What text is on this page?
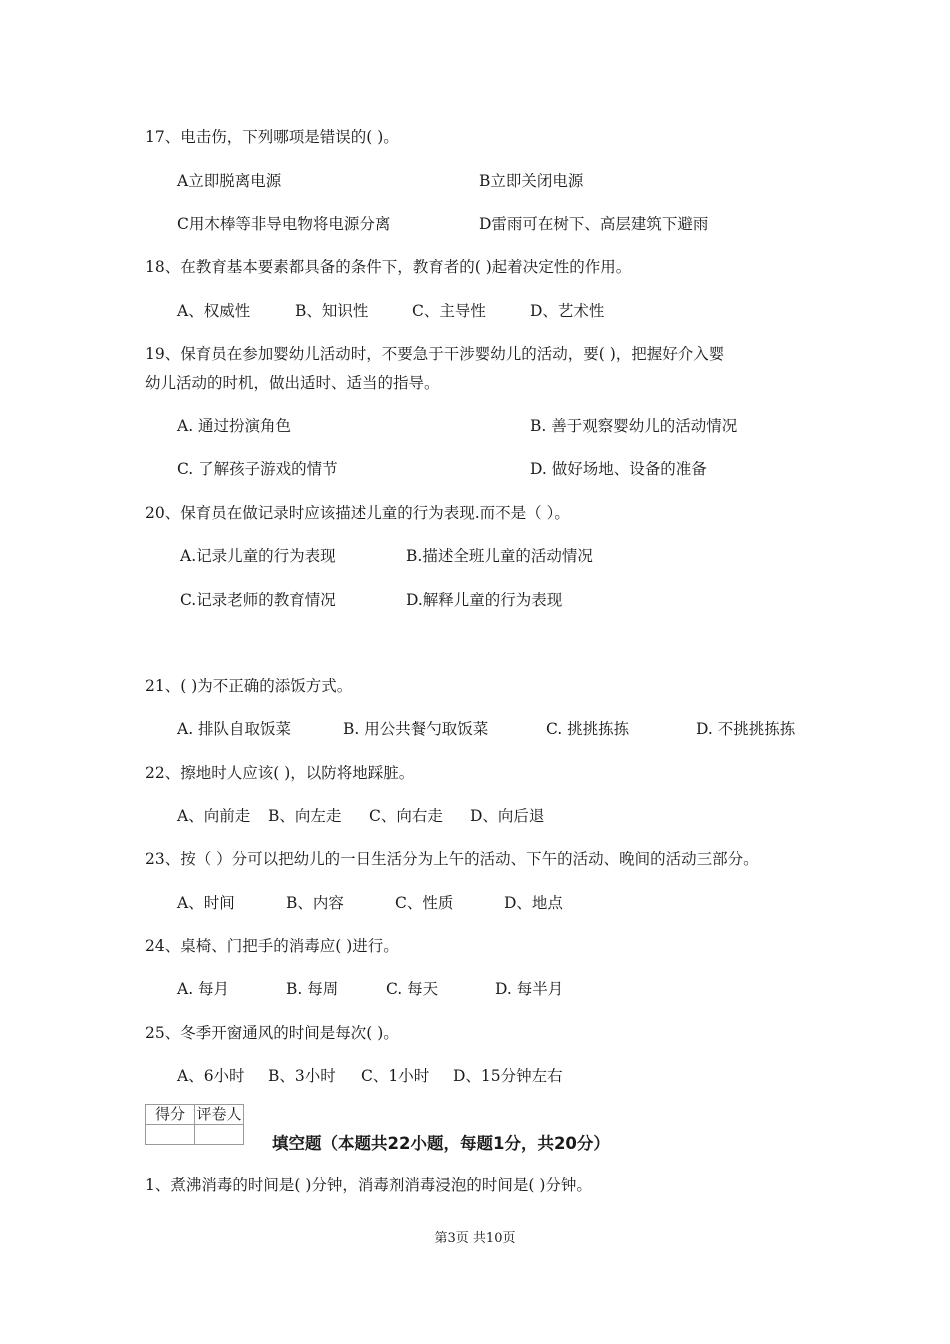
17、电击伤，下列哪项是错误的( )。
A立即脱离电源	B立即关闭电源
C用木棒等非导电物将电源分离	D雷雨可在树下、高层建筑下避雨
18、在教育基本要素都具备的条件下，教育者的( )起着决定性的作用。
A、权威性	B、知识性	C、主导性	D、艺术性
19、保育员在参加婴幼儿活动时，不要急于干涉婴幼儿的活动，要( )，把握好介入婴
幼儿活动的时机，做出适时、适当的指导。
A. 通过扮演角色	B. 善于观察婴幼儿的活动情况
C. 了解孩子游戏的情节	D. 做好场地、设备的准备
20、保育员在做记录时应该描述儿童的行为表现.而不是（ ）。
A.记录儿童的行为表现	B.描述全班儿童的活动情况
C.记录老师的教育情况	D.解释儿童的行为表现
21、( )为不正确的添饭方式。
A. 排队自取饭菜	B. 用公共餐勺取饭菜	C. 挑挑拣拣	D. 不挑挑拣拣
22、擦地时人应该( )，以防将地踩脏。
A、向前走 B、向左走 C、向右走 D、向后退
23、按（ ）分可以把幼儿的一日生活分为上午的活动、下午的活动、晚间的活动三部分。
A、时间	B、内容	C、性质	D、地点
24、桌椅、门把手的消毒应( )进行。
A. 每月	B. 每周	C. 每天	D. 每半月
25、冬季开窗通风的时间是每次( )。
A、6小时 B、3小时 C、1小时 D、15分钟左右
得分	评卷人

填空题（本题共22小题，每题1分，共20分）
1、煮沸消毒的时间是( )分钟，消毒剂消毒浸泡的时间是( )分钟。
第3页 共10页
